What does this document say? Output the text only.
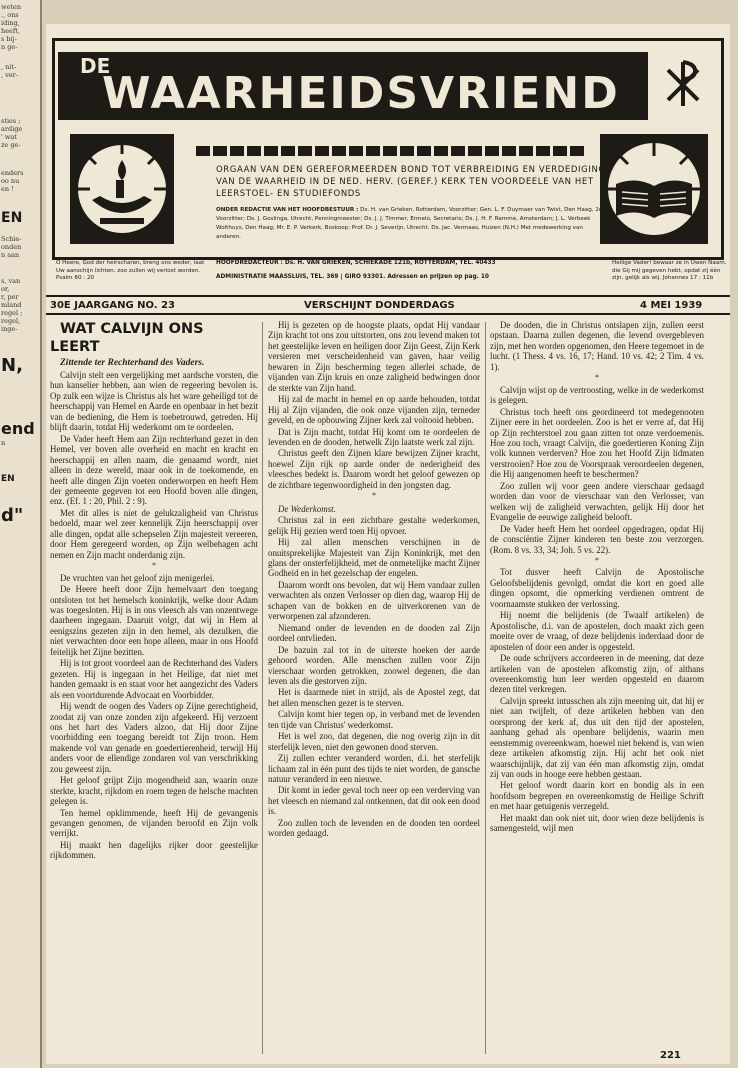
weten
., ons
iding,
heeft,
s bij-
n ge-
, nit-
, ver-
sties ;
ardige
' wat
ze ge-
enders
oo nu
en !
EN
Schie-
onden
n aan
s, van
or,
r, per
mland
regel ;
regel,
inge-
N,
end
n
EN
d"
DE
WAARHEIDSVRIEND
ORGAAN VAN DEN GEREFORMEERDEN BOND TOT VERBREIDING EN VERDEDIGING VAN DE WAARHEID IN DE NED. HERV. (GEREF.) KERK TEN VOORDEELE VAN HET LEERSTOEL- EN STUDIEFONDS
ONDER REDACTIE VAN HET HOOFDBESTUUR : Ds. H. van Grieken, Rotterdam, Voorzitter; Gen. L. F. Duymaer van Twist, Den Haag, 2e Voorzitter; Ds. J. Goslinga, Utrecht, Penningmeester; Ds. J. J. Timmer, Ermelo, Secretaris; Ds. J. H. F. Remme, Amsterdam; J. L. Verbeek Wolthuys, Den Haag; Mr. E. P. Verkerk, Boskoop; Prof. Dr. J. Severijn, Utrecht. Ds. Jac. Vermaas, Huizen (N.H.) Met medewerking van anderen.
HOOFDREDACTEUR : Ds. H. VAN GRIEKEN, SCHIEKADE 121b, ROTTERDAM, TEL. 40433
ADMINISTRATIE MAASSLUIS, TEL. 369 | GIRO 93301. Adressen en prijzen op pag. 10
O Heere, God der heirscharen, breng ons weder, laat Uw aanschijn lichten, zoo zullen wij verlost worden. Psalm 80 : 20
Heilige Vader! bewaar ze in Uwen Naam, die Gij mij gegeven hebt, opdat zij één zijn, gelijk als wij. Johannes 17 : 11b
30E JAARGANG NO. 23	VERSCHIJNT DONDERDAGS	4 MEI 1939

WAT CALVIJN ONS LEERT

Zittende ter Rechterhand des Vaders.

Calvijn stelt een vergelijking met aardsche vorsten, die hun kanselier hebben, aan wien de regeering bevolen is. Op zulk een wijze is Christus als het ware geheiligd tot de heerschappij van Hemel en Aarde en openbaar in het bezit van de bediening, die Hem is toebetrouwd, getreden. Hij blijft daarin, totdat Hij wederkomt om te oordeelen.

De Vader heeft Hem aan Zijn rechterhand gezet in den Hemel, ver boven alle overheid en macht en kracht en heerschappij en allen naam, die genaamd wordt, niet alleen in deze wereld, maar ook in de toekomende, en heeft alle dingen Zijn voeten onderworpen en heeft Hem der gemeente gegeven tot een Hoofd boven alle dingen, enz. (Ef. 1 : 20, Phil. 2 : 9).

Met dit alles is niet de gelukzaligheid van Christus bedoeld, maar wel zeer kennelijk Zijn heerschappij over alle dingen, opdat alle schepselen Zijn majesteit vereeren, door Hem geregeerd worden, op Zijn welbehagen acht nemen en Zijn macht onderdanig zijn.

*

De vruchten van het geloof zijn menigerlei.

De Heere heeft door Zijn hemelvaart den toegang ontsloten tot het hemelsch koninkrijk, welke door Adam was toegesloten. Hij is in ons vleesch als van onzentwege daarheen ingegaan. Daaruit volgt, dat wij in Hem al eenigszins gezeten zijn in den hemel, als dezulken, die niet verwachten door een hope alleen, maar in ons Hoofd feitelijk het Zijne bezitten.

Hij is tot groot voordeel aan de Rechterhand des Vaders gezeten. Hij is ingegaan in het Heilige, dat niet met handen gemaakt is en staat voor het aangezicht des Vaders als een voortdurende Advocaat en Voorbidder.

Hij wendt de oogen des Vaders op Zijne gerechtigheid, zoodat zij van onze zonden zijn afgekeerd. Hij verzoent ons het hart des Vaders alzoo, dat Hij door Zijne voorbidding een toegang bereidt tot Zijn troon. Hem makende vol van genade en goedertierenheid, terwijl Hij anders voor de ellendige zondaren vol van verschrikking zou geweest zijn.

Het geloof grijpt Zijn mogendheid aan, waarin onze sterkte, kracht, rijkdom en roem tegen de helsche machten gelegen is.

Ten hemel opklimmende, heeft Hij de gevangenis gevangen genomen, de vijanden beroofd en Zijn volk verrijkt.

Hij maakt hen dagelijks rijker door geestelijke rijkdommen.

Hij is gezeten op de hoogste plaats, opdat Hij vandaar Zijn kracht tot ons zou uitstorten, ons zou levend maken tot het geestelijke leven en heiligen door Zijn Geest, Zijn Kerk versieren met verscheidenheid van gaven, haar veilig bewaren in Zijn bescherming tegen allerlei schade, de vijanden van Zijn kruis en onze zaligheid bedwingen door de sterkte van Zijn hand.

Hij zal de macht in hemel en op aarde behouden, totdat Hij al Zijn vijanden, die ook onze vijanden zijn, terneder geveld, en de opbouwing Zijner kerk zal voltooid hebben.

Dat is Zijn macht, totdat Hij komt om te oordeelen de levenden en de dooden, hetwelk Zijn laatste werk zal zijn.

Christus geeft den Zijnen klare bewijzen Zijner kracht, hoewel Zijn rijk op aarde onder de nederigheid des vleesches bedekt is. Daarom wordt het geloof gewezen op de zichtbare tegenwoordigheid in den jongsten dag.

*

De Wederkomst.

Christus zal in een zichtbare gestalte wederkomen, gelijk Hij gezien werd toen Hij opvoer.

Hij zal allen menschen verschijnen in de onuitsprekelijke Majesteit van Zijn Koninkrijk, met den glans der onsterfelijkheid, met de onmetelijke macht Zijner Godheid en in het gezelschap der engelen.

Daarom wordt ons bevolen, dat wij Hem vandaar zullen verwachten als onzen Verlosser op dien dag, waarop Hij de schapen van de bokken en de uitverkorenen van de verworpenen zal afzonderen.

Niemand onder de levenden en de dooden zal Zijn oordeel ontvlieden.

De bazuin zal tot in de uiterste hoeken der aarde gehoord worden. Alle menschen zullen voor Zijn vierschaar worden getrokken, zoowel degenen, die dan leven als die gestorven zijn.

Het is daarmede niet in strijd, als de Apostel zegt, dat het allen menschen gezet is te sterven.

Calvijn komt hier tegen op, in verband met de levenden ten tijde van Christus' wederkomst.

Het is wel zoo, dat degenen, die nog overig zijn in dit sterfelijk leven, niet den gewonen dood sterven.

Zij zullen echter veranderd worden, d.i. het sterfelijk lichaam zal in één punt des tijds te niet worden, de gansche natuur veranderd in een nieuwe.

Dit komt in ieder geval toch neer op een verderving van het vleesch en niemand zal ontkennen, dat dit ook een dood is.

Zoo zullen toch de levenden en de dooden ten oordeel worden gedaagd.

De dooden, die in Christus ontslapen zijn, zullen eerst opstaan. Daarna zullen degenen, die levend overgebleven zijn, met hen worden opgenomen, den Heere tegemoet in de lucht. (1 Thess. 4 vs. 16, 17; Hand. 10 vs. 42; 2 Tim. 4 vs. 1).

*

Calvijn wijst op de vertroosting, welke in de wederkomst is gelegen.

Christus toch heeft ons geordineerd tot medegenooten Zijner eere in het oordeelen. Zoo is het er verre af, dat Hij op Zijn rechterstoel zou gaan zitten tot onze verdoemenis. Hoe zou toch, vraagt Calvijn, die goedertieren Koning Zijn volk kunnen verderven? Hoe zou het Hoofd Zijn lidmaten verstrooien? Hoe zou de Voorspraak veroordeelen degenen, die Hij aangenomen heeft te beschermen?

Zoo zullen wij voor geen andere vierschaar gedaagd worden dan voor de vierschaar van den Verlosser, van welken wij de zaligheid verwachten, gelijk Hij door het Evangelie de eeuwige zaligheid belooft.

De Vader heeft Hem het oordeel opgedragen, opdat Hij de consciëntie Zijner kinderen ten beste zou verzorgen. (Rom. 8 vs. 33, 34; Joh. 5 vs. 22).

*

Tot dusver heeft Calvijn de Apostolische Geloofsbelijdenis gevolgd, omdat die kort en goed alle dingen opsomt, die opmerking verdienen omtrent de voornaamste stukken der verlossing.

Hij noemt die belijdenis (de Twaalf artikelen) de Apostolische, d.i. van de apostelen, doch maakt zich geen moeite over de vraag, of deze belijdenis inderdaad door de apostelen of door een ander is opgesteld.

De oude schrijvers accordeeren in de meening, dat deze artikelen van de apostelen afkomstig zijn, of althans overeenkomstig hun leer werden opgesteld en daarom dezen titel verkregen.

Calvijn spreekt intusschen als zijn meening uit, dat hij er niet aan twijfelt, of deze artikelen hebben van den oorsprong der kerk af, dus uit den tijd der apostelen, aanhang gehad als openbare belijdenis, waarin men eenstemmig overeenkwam, hoewel niet bekend is, van wien deze artikelen afkomstig zijn. Hij acht het ook niet waarschijnlijk, dat zij van één man afkomstig zijn, omdat zij van ouds in hooge eere hebben gestaan.

Het geloof wordt daarin kort en bondig als in een hoofdsom begrepen en overeenkomstig de Heilige Schrift en met haar getuigenis verzegeld.

Het maakt dan ook niet uit, door wien deze belijdenis is samengesteld, wijl men

221
